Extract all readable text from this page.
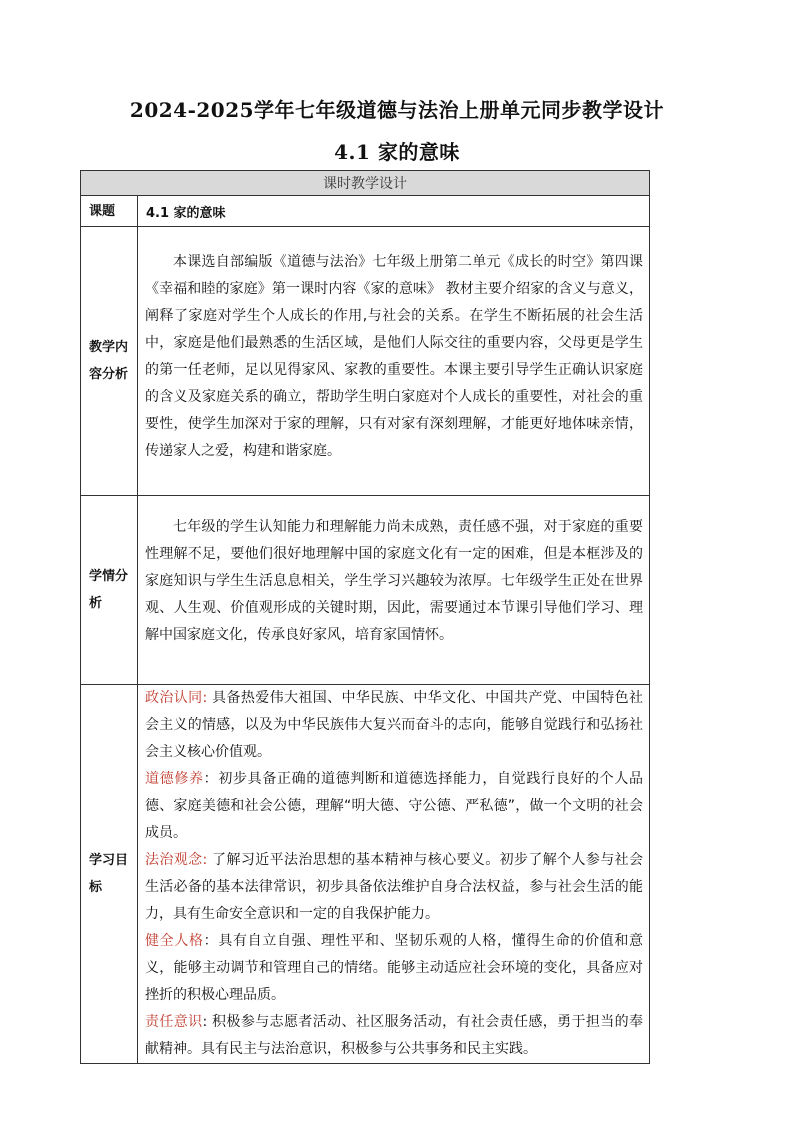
2024-2025学年七年级道德与法治上册单元同步教学设计
4.1 家的意味
课时教学设计	
课题	4.1 家的意味
教学内容分析	本课选自部编版《道德与法治》七年级上册第二单元《成长的时空》第四课《幸福和睦的家庭》第一课时内容《家的意味》 教材主要介绍家的含义与意义，阐释了家庭对学生个人成长的作用,与社会的关系。在学生不断拓展的社会生活中，家庭是他们最熟悉的生活区域，是他们人际交往的重要内容，父母更是学生的第一任老师，足以见得家风、家教的重要性。本课主要引导学生正确认识家庭的含义及家庭关系的确立，帮助学生明白家庭对个人成长的重要性，对社会的重要性，使学生加深对于家的理解，只有对家有深刻理解，才能更好地体味亲情，传递家人之爱，构建和谐家庭。

学情分析	七年级的学生认知能力和理解能力尚未成熟，责任感不强，对于家庭的重要性理解不足，要他们很好地理解中国的家庭文化有一定的困难，但是本框涉及的家庭知识与学生生活息息相关，学生学习兴趣较为浓厚。七年级学生正处在世界观、人生观、价值观形成的关键时期，因此，需要通过本节课引导他们学习、理解中国家庭文化，传承良好家风，培育家国情怀。

学习目标	政治认同: 具备热爱伟大祖国、中华民族、中华文化、中国共产党、中国特色社会主义的情感，以及为中华民族伟大复兴而奋斗的志向，能够自觉践行和弘扬社会主义核心价值观。

道德修养：初步具备正确的道德判断和道德选择能力，自觉践行良好的个人品德、家庭美德和社会公德，理解“明大德、守公德、严私德”，做一个文明的社会成员。

法治观念: 了解习近平法治思想的基本精神与核心要义。初步了解个人参与社会生活必备的基本法律常识，初步具备依法维护自身合法权益，参与社会生活的能力，具有生命安全意识和一定的自我保护能力。

健全人格：具有自立自强、理性平和、坚韧乐观的人格，懂得生命的价值和意义，能够主动调节和管理自己的情绪。能够主动适应社会环境的变化，具备应对挫折的积极心理品质。

责任意识: 积极参与志愿者活动、社区服务活动，有社会责任感，勇于担当的奉献精神。具有民主与法治意识，积极参与公共事务和民主实践。
